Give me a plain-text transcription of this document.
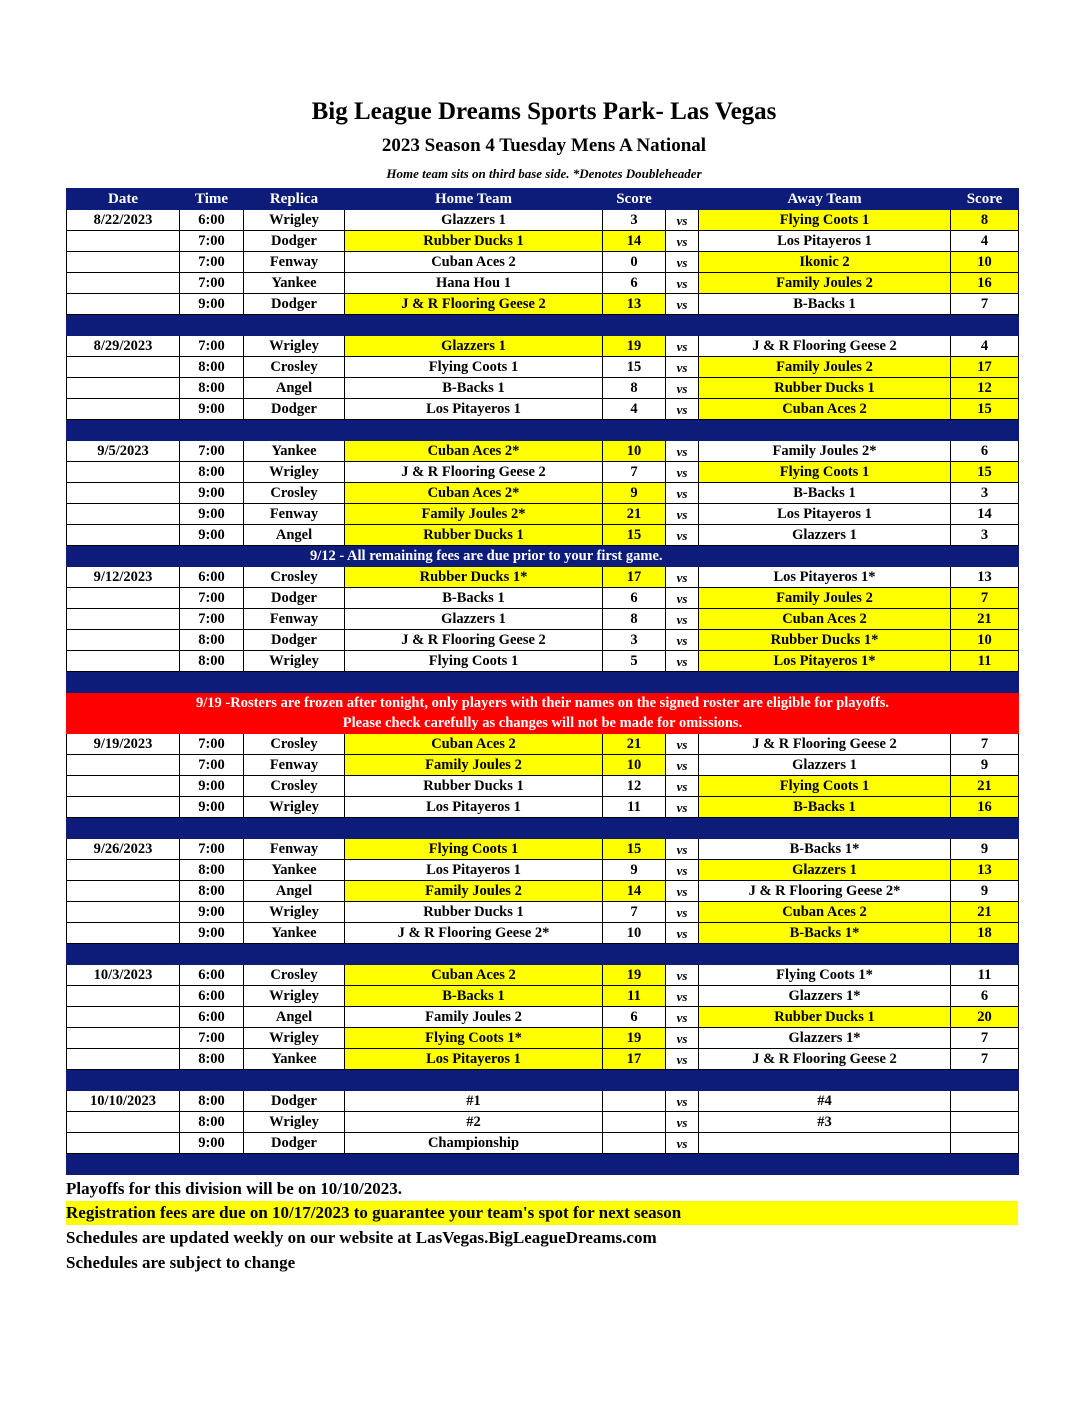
Big League Dreams Sports Park- Las Vegas
2023 Season 4 Tuesday Mens A National
Home team sits on third base side. *Denotes Doubleheader
Date	Time	Replica	Home Team	Score		Away Team	Score
8/22/2023	6:00	Wrigley	Glazzers 1	3	vs	Flying Coots 1	8
	7:00	Dodger	Rubber Ducks 1	14	vs	Los Pitayeros 1	4
	7:00	Fenway	Cuban Aces 2	0	vs	Ikonic 2	10
	7:00	Yankee	Hana Hou 1	6	vs	Family Joules 2	16
	9:00	Dodger	J & R Flooring Geese 2	13	vs	B-Backs 1	7

8/29/2023	7:00	Wrigley	Glazzers 1	19	vs	J & R Flooring Geese 2	4
	8:00	Crosley	Flying Coots 1	15	vs	Family Joules 2	17
	8:00	Angel	B-Backs 1	8	vs	Rubber Ducks 1	12
	9:00	Dodger	Los Pitayeros 1	4	vs	Cuban Aces 2	15

9/5/2023	7:00	Yankee	Cuban Aces 2*	10	vs	Family Joules 2*	6
	8:00	Wrigley	J & R Flooring Geese 2	7	vs	Flying Coots 1	15
	9:00	Crosley	Cuban Aces 2*	9	vs	B-Backs 1	3
	9:00	Fenway	Family Joules 2*	21	vs	Los Pitayeros 1	14
	9:00	Angel	Rubber Ducks 1	15	vs	Glazzers 1	3
	9/12 - All remaining fees are due prior to your first game.						
9/12/2023	6:00	Crosley	Rubber Ducks 1*	17	vs	Los Pitayeros 1*	13
	7:00	Dodger	B-Backs 1	6	vs	Family Joules 2	7
	7:00	Fenway	Glazzers 1	8	vs	Cuban Aces 2	21
	8:00	Dodger	J & R Flooring Geese 2	3	vs	Rubber Ducks 1*	10
	8:00	Wrigley	Flying Coots 1	5	vs	Los Pitayeros 1*	11

9/19 -Rosters are frozen after tonight, only players with their names on the signed roster are eligible for playoffs.
Please check carefully as changes will not be made for omissions.							

9/19/2023	7:00	Crosley	Cuban Aces 2	21	vs	J & R Flooring Geese 2	7
	7:00	Fenway	Family Joules 2	10	vs	Glazzers 1	9
	9:00	Crosley	Rubber Ducks 1	12	vs	Flying Coots 1	21
	9:00	Wrigley	Los Pitayeros 1	11	vs	B-Backs 1	16

9/26/2023	7:00	Fenway	Flying Coots 1	15	vs	B-Backs 1*	9
	8:00	Yankee	Los Pitayeros 1	9	vs	Glazzers 1	13
	8:00	Angel	Family Joules 2	14	vs	J & R Flooring Geese 2*	9
	9:00	Wrigley	Rubber Ducks 1	7	vs	Cuban Aces 2	21
	9:00	Yankee	J & R Flooring Geese 2*	10	vs	B-Backs 1*	18

10/3/2023	6:00	Crosley	Cuban Aces 2	19	vs	Flying Coots 1*	11
	6:00	Wrigley	B-Backs 1	11	vs	Glazzers 1*	6
	6:00	Angel	Family Joules 2	6	vs	Rubber Ducks 1	20
	7:00	Wrigley	Flying Coots 1*	19	vs	Glazzers 1*	7
	8:00	Yankee	Los Pitayeros 1	17	vs	J & R Flooring Geese 2	7

10/10/2023	8:00	Dodger	#1		vs	#4	
	8:00	Wrigley	#2		vs	#3	
	9:00	Dodger	Championship		vs		

Playoffs for this division will be on 10/10/2023.
Registration fees are due on 10/17/2023 to guarantee your team's spot for next season
Schedules are updated weekly on our website at LasVegas.BigLeagueDreams.com
Schedules are subject to change
